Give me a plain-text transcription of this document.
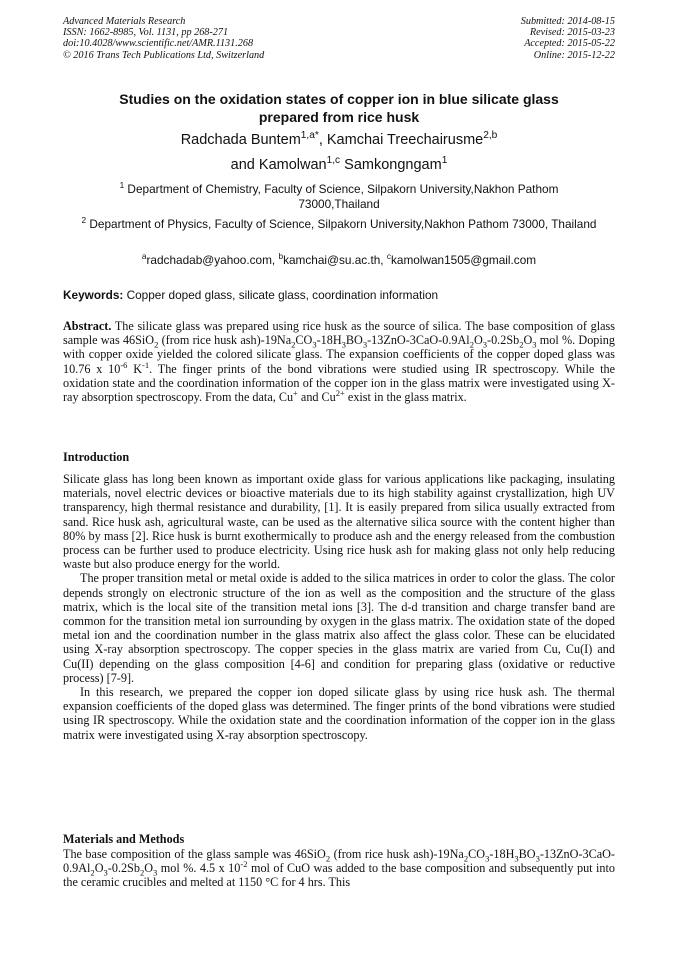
Advanced Materials Research
ISSN: 1662-8985, Vol. 1131, pp 268-271
doi:10.4028/www.scientific.net/AMR.1131.268
© 2016 Trans Tech Publications Ltd, Switzerland
Submitted: 2014-08-15
Revised: 2015-03-23
Accepted: 2015-05-22
Online: 2015-12-22
Studies on the oxidation states of copper ion in blue silicate glass
prepared from rice husk
Radchada Buntem$^{1,a*}$, Kamchai Treechairusme$^{2,b}$
and Kamolwan$^{1,c}$ Samkongngam$^1$
$^1$ Department of Chemistry, Faculty of Science, Silpakorn University,Nakhon Pathom 73000,Thailand
$^2$ Department of Physics, Faculty of Science, Silpakorn University,Nakhon Pathom 73000, Thailand
$^a$radchadab@yahoo.com, $^b$kamchai@su.ac.th, $^c$kamolwan1505@gmail.com
Keywords: Copper doped glass, silicate glass, coordination information
Abstract. The silicate glass was prepared using rice husk as the source of silica. The base composition of glass sample was 46SiO$_2$ (from rice husk $ash)-19Na_2CO_3-18H_3BO_3-13ZnO-3CaO-0.9Al_2O_3-0.2Sb_2O_3$ mol %. Doping with copper oxide yielded the colored silicate glass. The expansion coefficients of the copper doped glass was 10.76 x $10^{-6}$ $K^{-1}$. The finger prints of the bond vibrations were studied using IR spectroscopy. While the oxidation state and the coordination information of the copper ion in the glass matrix were investigated using X-ray absorption spectroscopy. From the data, Cu+ and $Cu^{2+}$ exist in the glass matrix.
Introduction

Silicate glass has long been known as important oxide glass for various applications like packaging, insulating materials, novel electric devices or bioactive materials due to its high stability against crystallization, high UV transparency, high thermal resistance and durability, [1]. It is easily prepared from silica usually extracted from sand. Rice husk ash, agricultural waste, can be used as the alternative silica source with the content higher than 80% by mass [2]. Rice husk is burnt exothermically to produce ash and the energy released from the combustion process can be further used to produce electricity. Using rice husk ash for making glass not only help reducing waste but also produce energy for the world.

The proper transition metal or metal oxide is added to the silica matrices in order to color the glass. The color depends strongly on electronic structure of the ion as well as the composition and the structure of the glass matrix, which is the local site of the transition metal ions [3]. The d-d transition and charge transfer band are common for the transition metal ion surrounding by oxygen in the glass matrix. The oxidation state of the doped metal ion and the coordination number in the glass matrix also affect the glass color. These can be elucidated using X-ray absorption spectroscopy. The copper species in the glass matrix are varied from Cu, Cu(I) and Cu(II) depending on the glass composition [4-6] and condition for preparing glass (oxidative or reductive process) [7-9].

In this research, we prepared the copper ion doped silicate glass by using rice husk ash. The thermal expansion coefficients of the doped glass was determined. The finger prints of the bond vibrations were studied using IR spectroscopy. While the oxidation state and the coordination information of the copper ion in the glass matrix were investigated using X-ray absorption spectroscopy.

Materials and Methods
The base composition of the glass sample was 46SiO$_2$ (from rice husk $ash)-19Na_2CO_3-18H_3BO_3-13ZnO-3CaO-0.9Al_2O_3-0.2Sb_2O_3$ mol %. 4.5 x $10^{-2}$ mol of CuO was added to the base composition and subsequently put into the ceramic crucibles and melted at 1150 °C for 4 hrs. This
